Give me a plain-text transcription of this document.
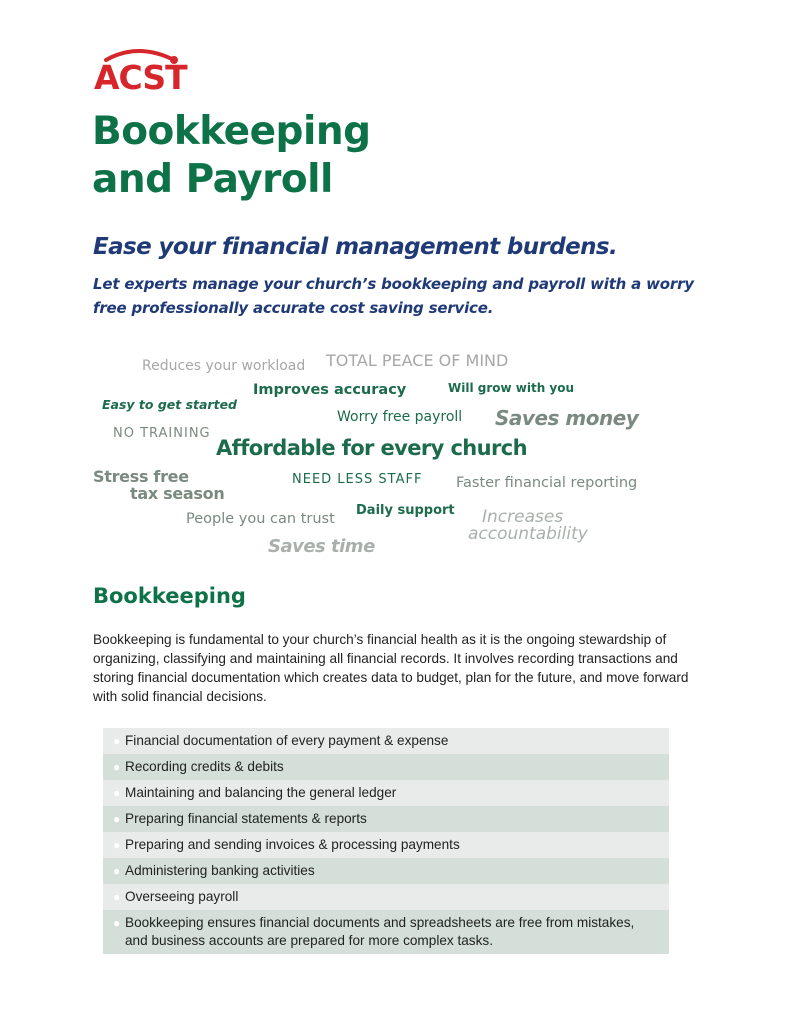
ACST
Bookkeeping
and Payroll
Ease your financial management burdens.

Let experts manage your church’s bookkeeping and payroll with a worry free professionally accurate cost saving service.

Reduces your workload TOTAL PEACE OF MIND
Improves accuracy	Will grow with you
Easy to get started
Worry free payroll Saves money
NO TRAINING
Affordable for every church
Stress free
tax season
NEED LESS STAFF Faster financial reporting
People you can trust
Daily support Increases
accountability
Saves time
Bookkeeping

Bookkeeping is fundamental to your church’s financial health as it is the ongoing stewardship of organizing, classifying and maintaining all financial records. It involves recording transactions and storing financial documentation which creates data to budget, plan for the future, and move forward with solid financial decisions.

● Financial documentation of every payment & expense
● Recording credits & debits
● Maintaining and balancing the general ledger
● Preparing financial statements & reports
● Preparing and sending invoices & processing payments
● Administering banking activities
● Overseeing payroll
● Bookkeeping ensures financial documents and spreadsheets are free from mistakes, and business accounts are prepared for more complex tasks.
